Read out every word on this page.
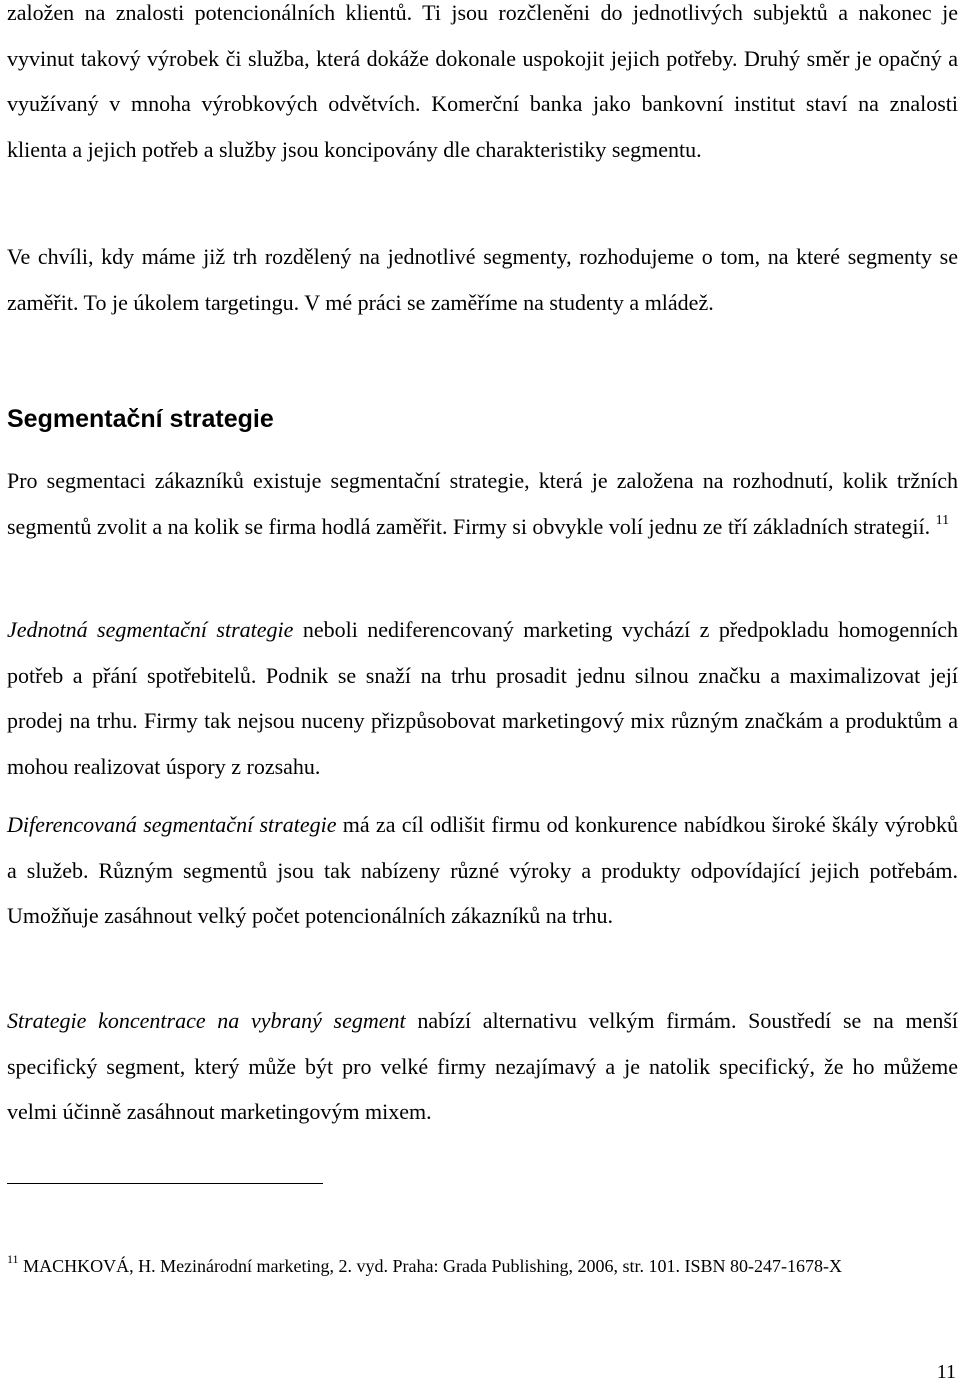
založen na znalosti potencionálních klientů. Ti jsou rozčleněni do jednotlivých subjektů a nakonec je vyvinut takový výrobek či služba, která dokáže dokonale uspokojit jejich potřeby. Druhý směr je opačný a využívaný v mnoha výrobkových odvětvích. Komerční banka jako bankovní institut staví na znalosti klienta a jejich potřeb a služby jsou koncipovány dle charakteristiky segmentu.

Ve chvíli, kdy máme již trh rozdělený na jednotlivé segmenty, rozhodujeme o tom, na které segmenty se zaměřit. To je úkolem targetingu. V mé práci se zaměříme na studenty a mládež.

Segmentační strategie

Pro segmentaci zákazníků existuje segmentační strategie, která je založena na rozhodnutí, kolik tržních segmentů zvolit a na kolik se firma hodlá zaměřit. Firmy si obvykle volí jednu ze tří základních strategií. $^{11}$

Jednotná segmentační strategie neboli nediferencovaný marketing vychází z předpokladu homogenních potřeb a přání spotřebitelů. Podnik se snaží na trhu prosadit jednu silnou značku a maximalizovat její prodej na trhu. Firmy tak nejsou nuceny přizpůsobovat marketingový mix různým značkám a produktům a mohou realizovat úspory z rozsahu.

Diferencovaná segmentační strategie má za cíl odlišit firmu od konkurence nabídkou široké škály výrobků a služeb. Různým segmentů jsou tak nabízeny různé výroky a produkty odpovídající jejich potřebám. Umožňuje zasáhnout velký počet potencionálních zákazníků na trhu.

Strategie koncentrace na vybraný segment nabízí alternativu velkým firmám. Soustředí se na menší specifický segment, který může být pro velké firmy nezajímavý a je natolik specifický, že ho můžeme velmi účinně zasáhnout marketingovým mixem.

$^{11}$ MACHKOVÁ, H. Mezinárodní marketing, 2. vyd. Praha: Grada Publishing, 2006, str. 101. ISBN 80-247-1678-X

11
